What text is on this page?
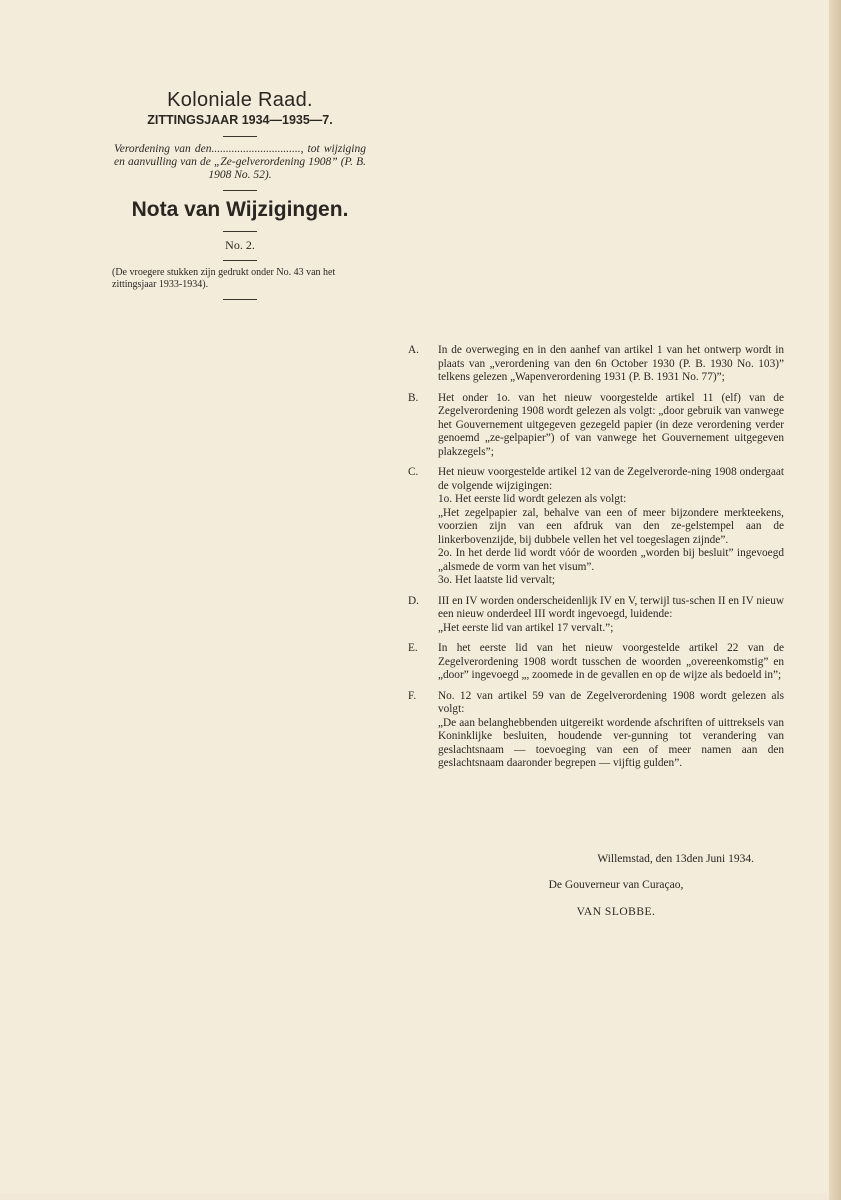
Koloniale Raad.

ZITTINGSJAAR 1934—1935—7.

Verordening van den..............................., tot wijziging en aanvulling van de „Ze-gelverordening 1908” (P. B. 1908 No. 52).

Nota van Wijzigingen.

No. 2.

(De vroegere stukken zijn gedrukt onder No. 43 van het zittingsjaar 1933-1934).

A.	In de overweging en in den aanhef van artikel 1 van het ontwerp wordt in plaats van „verordening van den 6n October 1930 (P. B. 1930 No. 103)” telkens gelezen „Wapenverordening 1931 (P. B. 1931 No. 77)”;
B.	Het onder 1o. van het nieuw voorgestelde artikel 11 (elf) van de Zegelverordening 1908 wordt gelezen als volgt: „door gebruik van vanwege het Gouvernement uitgegeven gezegeld papier (in deze verordening verder genoemd „ze-gelpapier”) of van vanwege het Gouvernement uitgegeven plakzegels”;
C.	Het nieuw voorgestelde artikel 12 van de Zegelverorde-ning 1908 ondergaat de volgende wijzigingen:
1o. Het eerste lid wordt gelezen als volgt:
„Het zegelpapier zal, behalve van een of meer bijzondere merkteekens, voorzien zijn van een afdruk van den ze-gelstempel aan de linkerbovenzijde, bij dubbele vellen het vel toegeslagen zijnde”.
2o. In het derde lid wordt vóór de woorden „worden bij besluit” ingevoegd „alsmede de vorm van het visum”.
3o. Het laatste lid vervalt;
D.	III en IV worden onderscheidenlijk IV en V, terwijl tus-schen II en IV nieuw een nieuw onderdeel III wordt ingevoegd, luidende:
„Het eerste lid van artikel 17 vervalt.”;
E.	In het eerste lid van het nieuw voorgestelde artikel 22 van de Zegelverordening 1908 wordt tusschen de woorden „overeenkomstig” en „door” ingevoegd „, zoomede in de gevallen en op de wijze als bedoeld in”;
F.	No. 12 van artikel 59 van de Zegelverordening 1908 wordt gelezen als volgt:
„De aan belanghebbenden uitgereikt wordende afschriften of uittreksels van Koninklijke besluiten, houdende ver-gunning tot verandering van geslachtsnaam — toevoeging van een of meer namen aan den geslachtsnaam daaronder begrepen — vijftig gulden”.
Willemstad, den 13den Juni 1934.
De Gouverneur van Curaçao,
VAN SLOBBE.
